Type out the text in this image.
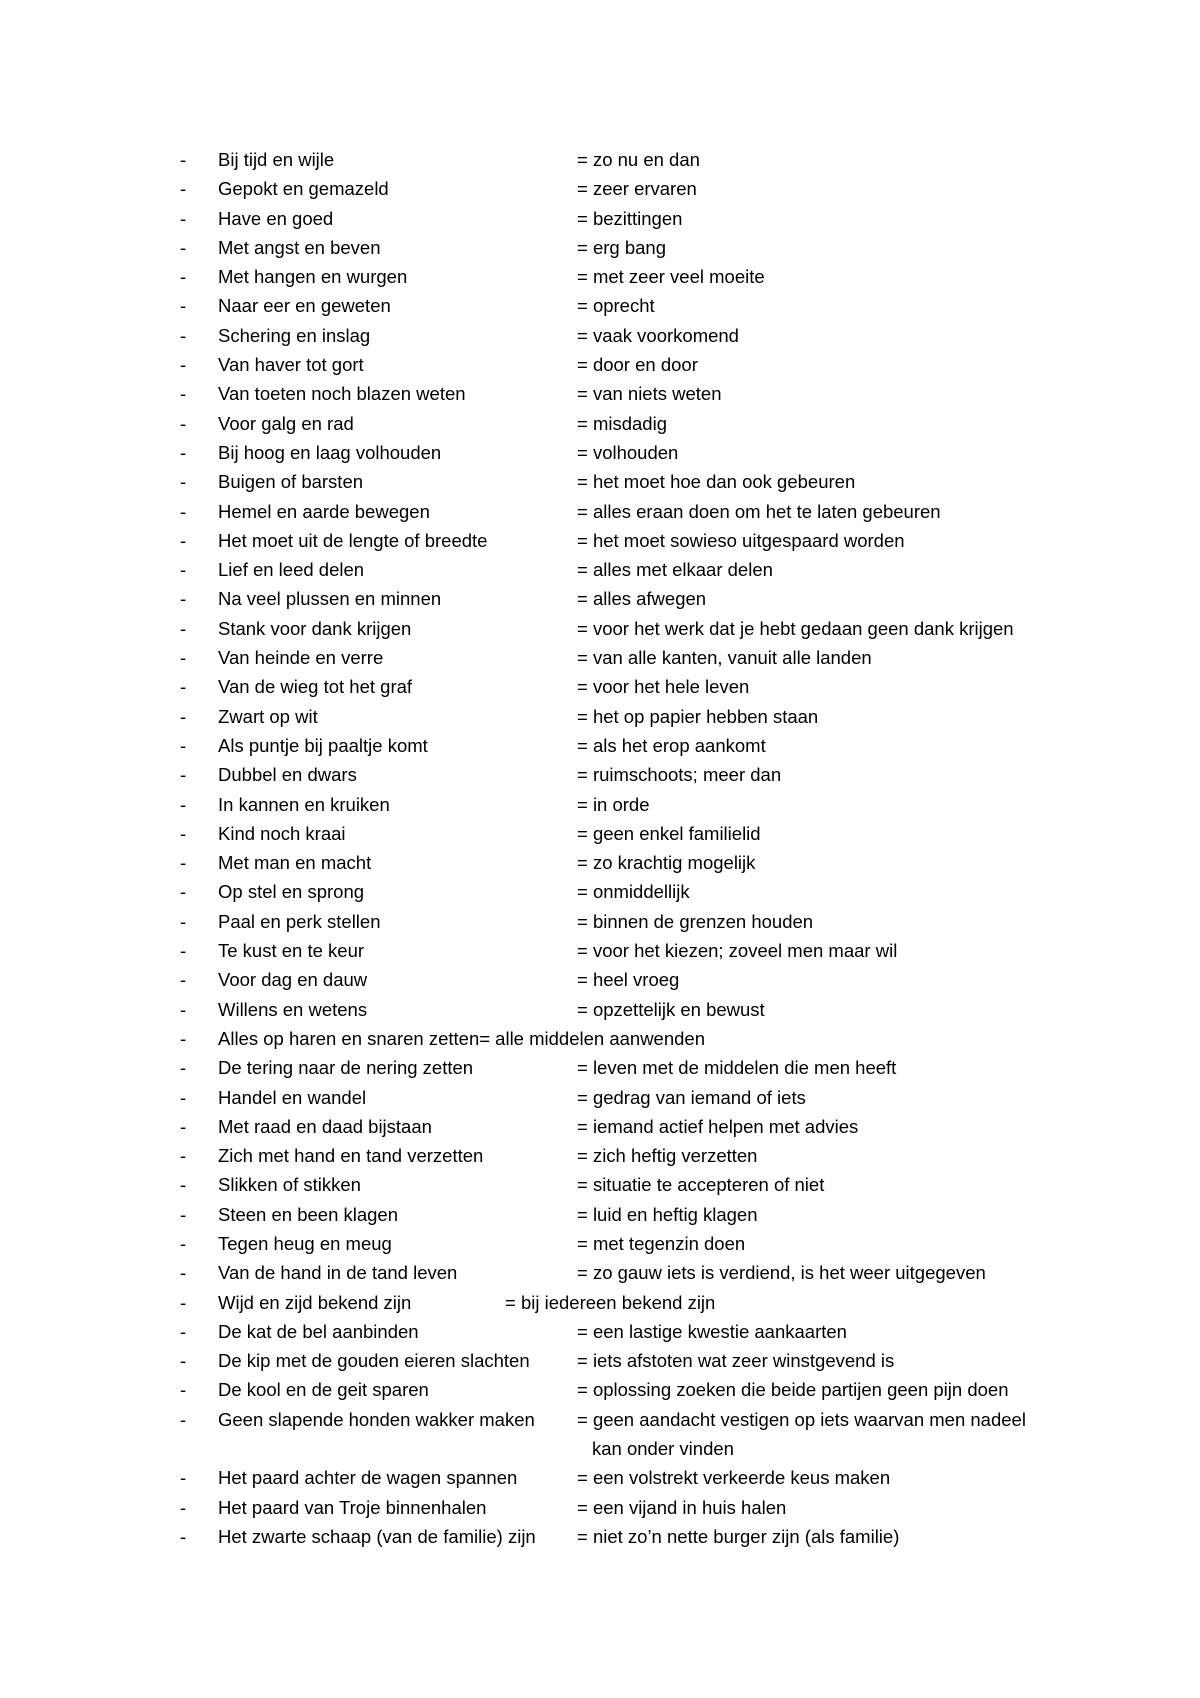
- Bij tijd en wijle	= zo nu en dan
- Gepokt en gemazeld	= zeer ervaren
- Have en goed	= bezittingen
- Met angst en beven	= erg bang
- Met hangen en wurgen	= met zeer veel moeite
- Naar eer en geweten	= oprecht
- Schering en inslag	= vaak voorkomend
- Van haver tot gort	= door en door
- Van toeten noch blazen weten	= van niets weten
- Voor galg en rad	= misdadig
- Bij hoog en laag volhouden	= volhouden
- Buigen of barsten	= het moet hoe dan ook gebeuren
- Hemel en aarde bewegen	= alles eraan doen om het te laten gebeuren
- Het moet uit de lengte of breedte	= het moet sowieso uitgespaard worden
- Lief en leed delen	= alles met elkaar delen
- Na veel plussen en minnen	= alles afwegen
- Stank voor dank krijgen	= voor het werk dat je hebt gedaan geen dank krijgen
- Van heinde en verre	= van alle kanten, vanuit alle landen
- Van de wieg tot het graf	= voor het hele leven
- Zwart op wit	= het op papier hebben staan
- Als puntje bij paaltje komt	= als het erop aankomt
- Dubbel en dwars	= ruimschoots; meer dan
- In kannen en kruiken	= in orde
- Kind noch kraai	= geen enkel familielid
- Met man en macht	= zo krachtig mogelijk
- Op stel en sprong	= onmiddellijk
- Paal en perk stellen	= binnen de grenzen houden
- Te kust en te keur	= voor het kiezen; zoveel men maar wil
- Voor dag en dauw	= heel vroeg
- Willens en wetens	= opzettelijk en bewust
- Alles op haren en snaren zetten= alle middelen aanwenden
- De tering naar de nering zetten	= leven met de middelen die men heeft
- Handel en wandel	= gedrag van iemand of iets
- Met raad en daad bijstaan	= iemand actief helpen met advies
- Zich met hand en tand verzetten	= zich heftig verzetten
- Slikken of stikken	= situatie te accepteren of niet
- Steen en been klagen	= luid en heftig klagen
- Tegen heug en meug	= met tegenzin doen
- Van de hand in de tand leven	= zo gauw iets is verdiend, is het weer uitgegeven
- Wijd en zijd bekend zijn	= bij iedereen bekend zijn
- De kat de bel aanbinden	= een lastige kwestie aankaarten
- De kip met de gouden eieren slachten	= iets afstoten wat zeer winstgevend is
- De kool en de geit sparen	= oplossing zoeken die beide partijen geen pijn doen
- Geen slapende honden wakker maken = geen aandacht vestigen op iets waarvan men nadeel kan onder vinden
- Het paard achter de wagen spannen	= een volstrekt verkeerde keus maken
- Het paard van Troje binnenhalen	= een vijand in huis halen
- Het zwarte schaap (van de familie) zijn = niet zo’n nette burger zijn (als familie)
